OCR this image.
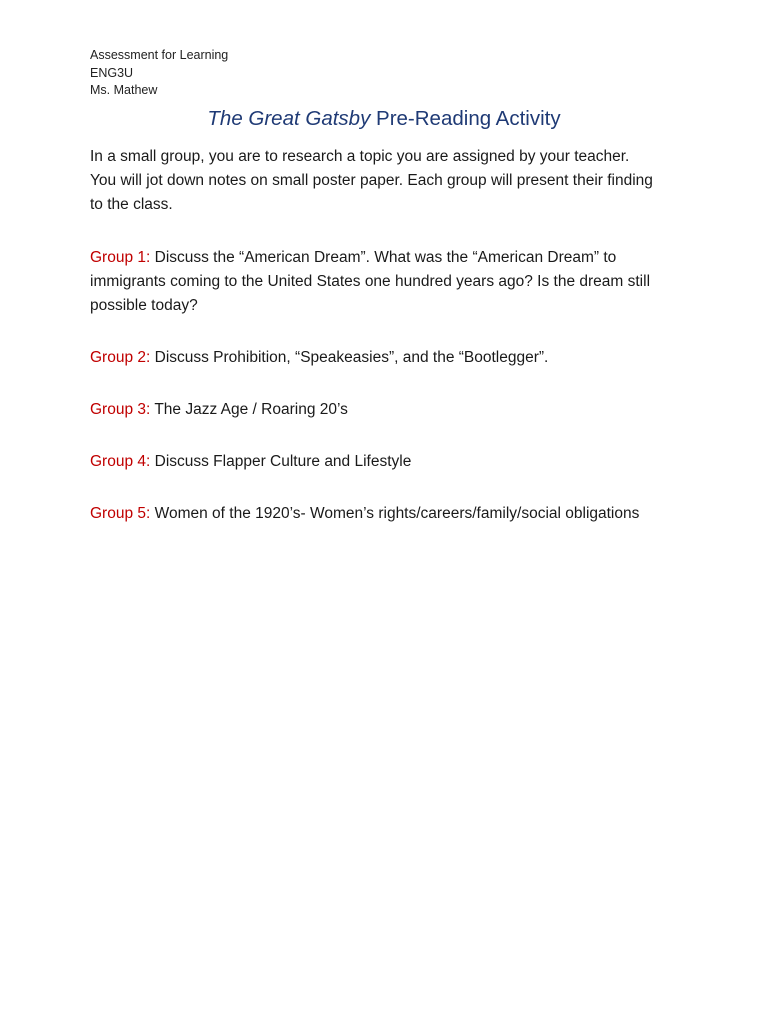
Assessment for Learning
ENG3U
Ms. Mathew
The Great Gatsby Pre-Reading Activity
In a small group, you are to research a topic you are assigned by your teacher. You will jot down notes on small poster paper. Each group will present their finding to the class.
Group 1: Discuss the “American Dream”. What was the “American Dream” to immigrants coming to the United States one hundred years ago? Is the dream still possible today?
Group 2: Discuss Prohibition, “Speakeasies”, and the “Bootlegger”.
Group 3: The Jazz Age / Roaring 20’s
Group 4: Discuss Flapper Culture and Lifestyle
Group 5: Women of the 1920’s- Women’s rights/careers/family/social obligations
